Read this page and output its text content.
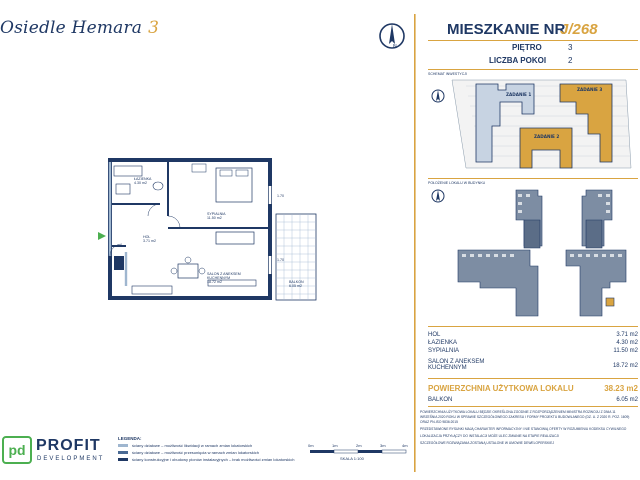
Osiedle Hemara 3
N
MIESZKANIE NR
J/268
PIĘTRO	3
LICZBA POKOI	2
SCHEMAT INWESTYCJI
ZADANIE 1
ZADANIE 3
ZADANIE 2
POŁOŻENIE LOKALU W BUDYNKU
HOL	3.71 m2
ŁAZIENKA	4.30 m2
SYPIALNIA	11.50 m2
SALON Z ANEKSEM KUCHENNYM	18.72 m2
POWIERZCHNIA UŻYTKOWA LOKALU	38.23 m2
BALKON	6.05 m2
POWIERZCHNIA UŻYTKOWA LOKALU BĘDZIE OKREŚLONA ZGODNIE Z ROZPORZĄDZENIEM MINISTRA ROZWOJU Z DNIA 11
WRZEŚNIA 2020 ROKU W SPRAWIE SZCZEGÓŁOWEGO ZAKRESU I FORMY PROJEKTU BUDOWLANEGO (DZ. U. Z 2020 R. POZ. 1609)
ORAZ PN-ISO 9836:2015
PRZEDSTAWIONE RYSUNKI MAJĄ CHARAKTER INFORMACYJNY I NIE STANOWIĄ OFERTY W ROZUMIENIU KODEKSU CYWILNEGO
LOKALIZACJA PRZYŁĄCZY DO INSTALACJI MOŻE ULEC ZMIANIE NA ETAPIE REALIZACJI
SZCZEGÓŁOWE ROZWIĄZANIA ZOSTANĄ USTALONE W UMOWIE DEWELOPERSKIEJ
ŁAZIENKA
4.30 m2
SYPIALNIA
11.50 m2
HOL
3.71 m2
SALON Z ANEKSEM KUCHENNYM
18.72 m2	BALKON
6.05 m2
1.70
1.70
1.70
pd PROFIT
DEVELOPMENT
LEGENDA:
ściany działowe – możliwość likwidacji w ramach zmian lokatorskich
ściany działowe – możliwość przesunięcia w ramach zmian lokatorskich
ściany konstrukcyjne i obudowy pionów instalacyjnych – brak możliwości zmian lokatorskich
0m	1m	2m	3m	4m
SKALA 1:100
